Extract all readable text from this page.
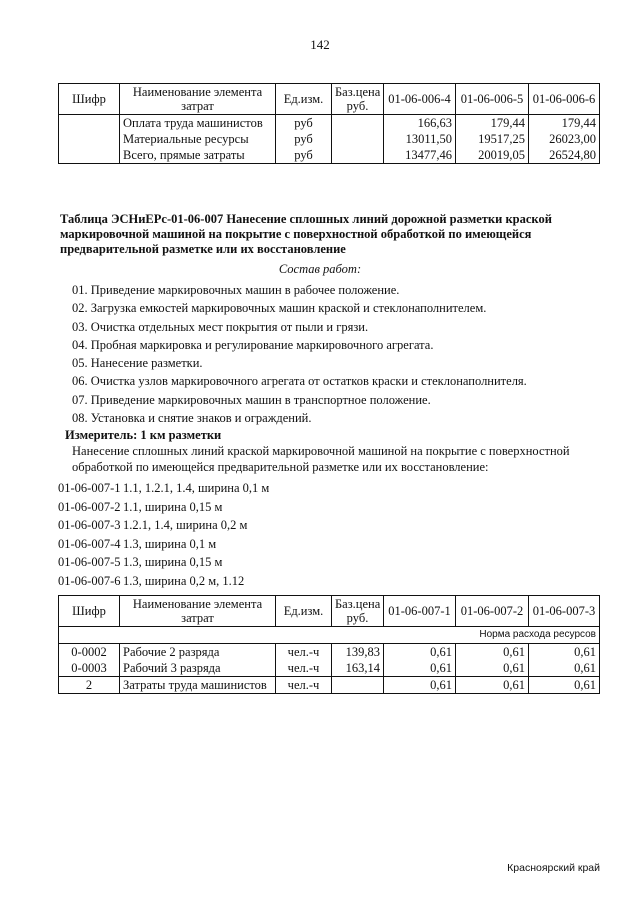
142
Шифр	Наименование элемента затрат	Ед.изм.	Баз.цена руб.	01-06-006-4	01-06-006-5	01-06-006-6
	Оплата труда машинистов	руб		166,63	179,44	179,44
	Материальные ресурсы	руб		13011,50	19517,25	26023,00
	Всего, прямые затраты	руб		13477,46	20019,05	26524,80
Таблица ЭСНиЕРс-01-06-007 Нанесение сплошных линий дорожной разметки краской маркировочной машиной на покрытие с поверхностной обработкой по имеющейся предварительной разметке или их восстановление
Состав работ:
01. Приведение маркировочных машин в рабочее положение.
02. Загрузка емкостей маркировочных машин краской и стеклонаполнителем.
03. Очистка отдельных мест покрытия от пыли и грязи.
04. Пробная маркировка и регулирование маркировочного агрегата.
05. Нанесение разметки.
06. Очистка узлов маркировочного агрегата от остатков краски и стеклонаполнителя.
07. Приведение маркировочных машин в транспортное положение.
08. Установка и снятие знаков и ограждений.
Измеритель: 1 км разметки
Нанесение сплошных линий краской маркировочной машиной на покрытие с поверхностной обработкой по имеющейся предварительной разметке или их восстановление:
01-06-007-1 1.1, 1.2.1, 1.4, ширина 0,1 м
01-06-007-2 1.1, ширина 0,15 м
01-06-007-3 1.2.1, 1.4, ширина 0,2 м
01-06-007-4 1.3, ширина 0,1 м
01-06-007-5 1.3, ширина 0,15 м
01-06-007-6 1.3, ширина 0,2 м, 1.12
Шифр	Наименование элемента затрат	Ед.изм.	Баз.цена руб.	01-06-007-1	01-06-007-2	01-06-007-3
Норма расхода ресурсов						
0-0002	Рабочие 2 разряда	чел.-ч	139,83	0,61	0,61	0,61
0-0003	Рабочий 3 разряда	чел.-ч	163,14	0,61	0,61	0,61
2	Затраты труда машинистов	чел.-ч		0,61	0,61	0,61
Красноярский край
